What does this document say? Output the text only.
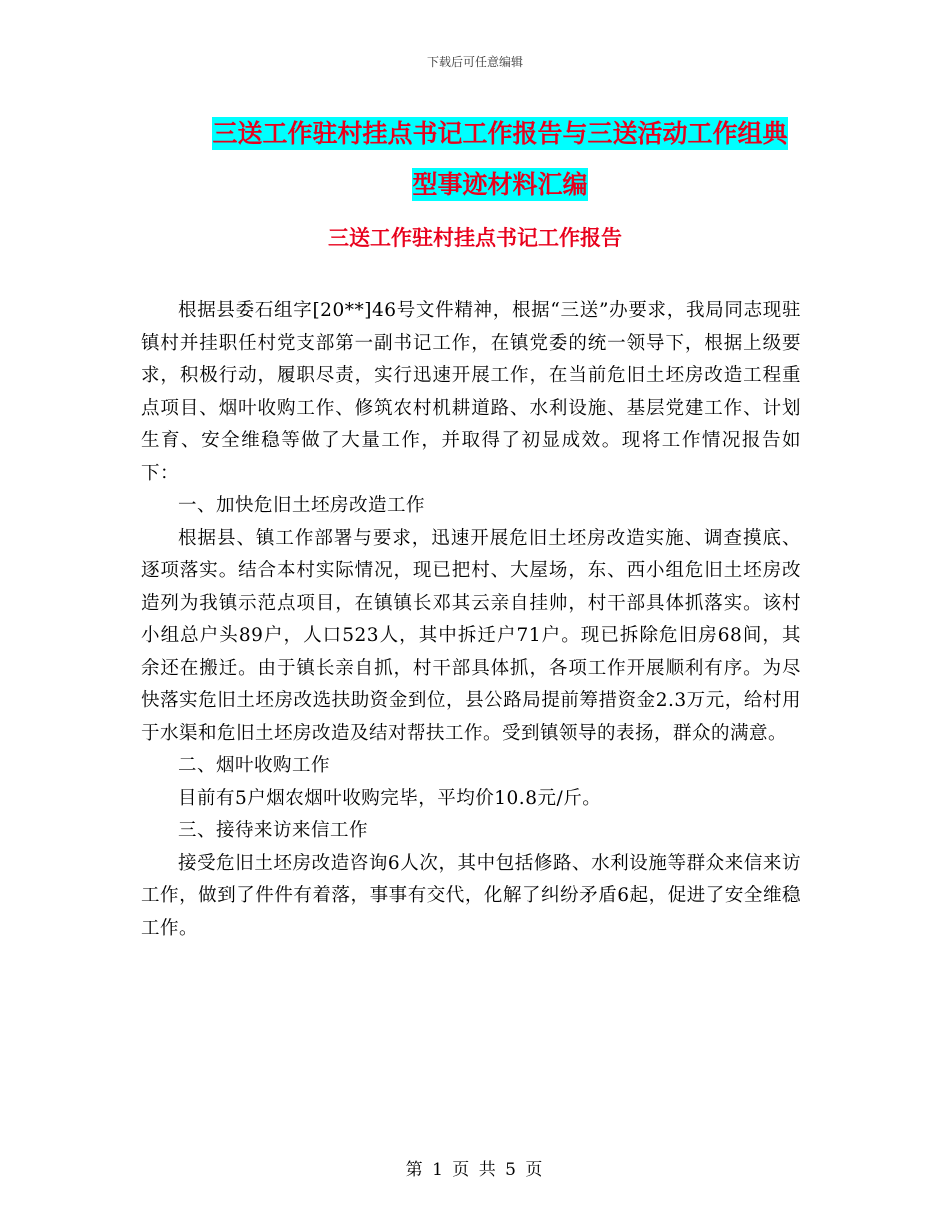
下载后可任意编辑
三送工作驻村挂点书记工作报告与三送活动工作组典
型事迹材料汇编
三送工作驻村挂点书记工作报告

根据县委石组字[20**]46号文件精神，根据“三送”办要求，我局同志现驻镇村并挂职任村党支部第一副书记工作，在镇党委的统一领导下，根据上级要求，积极行动，履职尽责，实行迅速开展工作，在当前危旧土坯房改造工程重点项目、烟叶收购工作、修筑农村机耕道路、水利设施、基层党建工作、计划生育、安全维稳等做了大量工作，并取得了初显成效。现将工作情况报告如下：

一、加快危旧土坯房改造工作

根据县、镇工作部署与要求，迅速开展危旧土坯房改造实施、调查摸底、逐项落实。结合本村实际情况，现已把村、大屋场，东、西小组危旧土坯房改造列为我镇示范点项目，在镇镇长邓其云亲自挂帅，村干部具体抓落实。该村小组总户头89户，人口523人，其中拆迁户71户。现已拆除危旧房68间，其余还在搬迁。由于镇长亲自抓，村干部具体抓，各项工作开展顺利有序。为尽快落实危旧土坯房改选扶助资金到位，县公路局提前筹措资金2.3万元，给村用于水渠和危旧土坯房改造及结对帮扶工作。受到镇领导的表扬，群众的满意。

二、烟叶收购工作

目前有5户烟农烟叶收购完毕，平均价10.8元/斤。

三、接待来访来信工作

接受危旧土坯房改造咨询6人次，其中包括修路、水利设施等群众来信来访工作，做到了件件有着落，事事有交代，化解了纠纷矛盾6起，促进了安全维稳工作。

第 1 页 共 5 页
